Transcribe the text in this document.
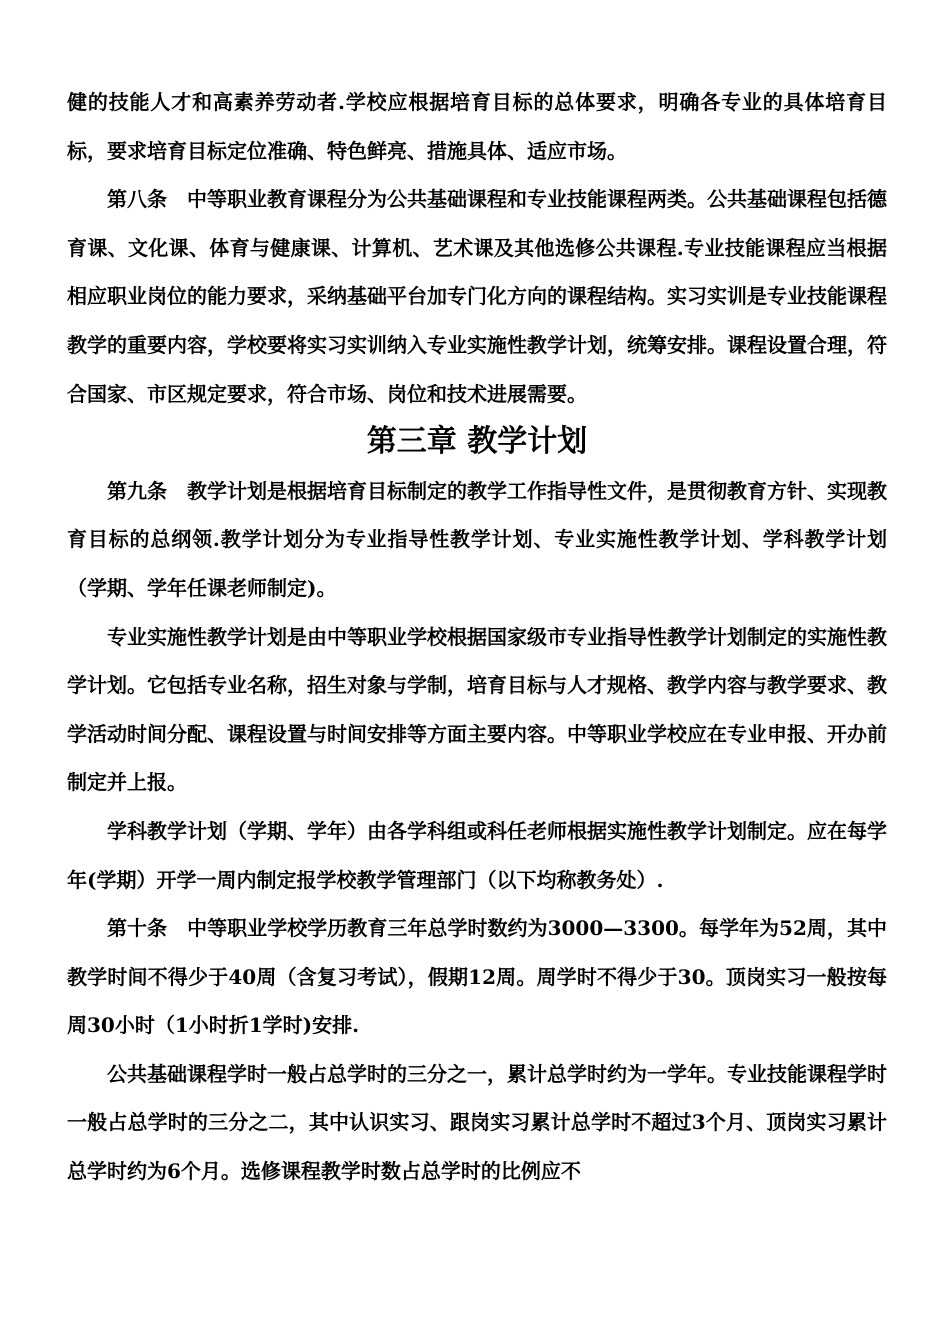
健的技能人才和高素养劳动者.学校应根据培育目标的总体要求，明确各专业的具体培育目标，要求培育目标定位准确、特色鲜亮、措施具体、适应市场。

第八条　中等职业教育课程分为公共基础课程和专业技能课程两类。公共基础课程包括德育课、文化课、体育与健康课、计算机、艺术课及其他选修公共课程.专业技能课程应当根据相应职业岗位的能力要求，采纳基础平台加专门化方向的课程结构。实习实训是专业技能课程教学的重要内容，学校要将实习实训纳入专业实施性教学计划，统筹安排。课程设置合理，符合国家、市区规定要求，符合市场、岗位和技术进展需要。

第三章 教学计划

第九条　教学计划是根据培育目标制定的教学工作指导性文件，是贯彻教育方针、实现教育目标的总纲领.教学计划分为专业指导性教学计划、专业实施性教学计划、学科教学计划（学期、学年任课老师制定)。

专业实施性教学计划是由中等职业学校根据国家级市专业指导性教学计划制定的实施性教学计划。它包括专业名称，招生对象与学制，培育目标与人才规格、教学内容与教学要求、教学活动时间分配、课程设置与时间安排等方面主要内容。中等职业学校应在专业申报、开办前制定并上报。

学科教学计划（学期、学年）由各学科组或科任老师根据实施性教学计划制定。应在每学年(学期）开学一周内制定报学校教学管理部门（以下均称教务处）.

第十条　中等职业学校学历教育三年总学时数约为3000—3300。每学年为52周，其中教学时间不得少于40周（含复习考试），假期12周。周学时不得少于30。顶岗实习一般按每周30小时（1小时折1学时)安排.

公共基础课程学时一般占总学时的三分之一，累计总学时约为一学年。专业技能课程学时一般占总学时的三分之二，其中认识实习、跟岗实习累计总学时不超过3个月、顶岗实习累计总学时约为6个月。选修课程教学时数占总学时的比例应不
